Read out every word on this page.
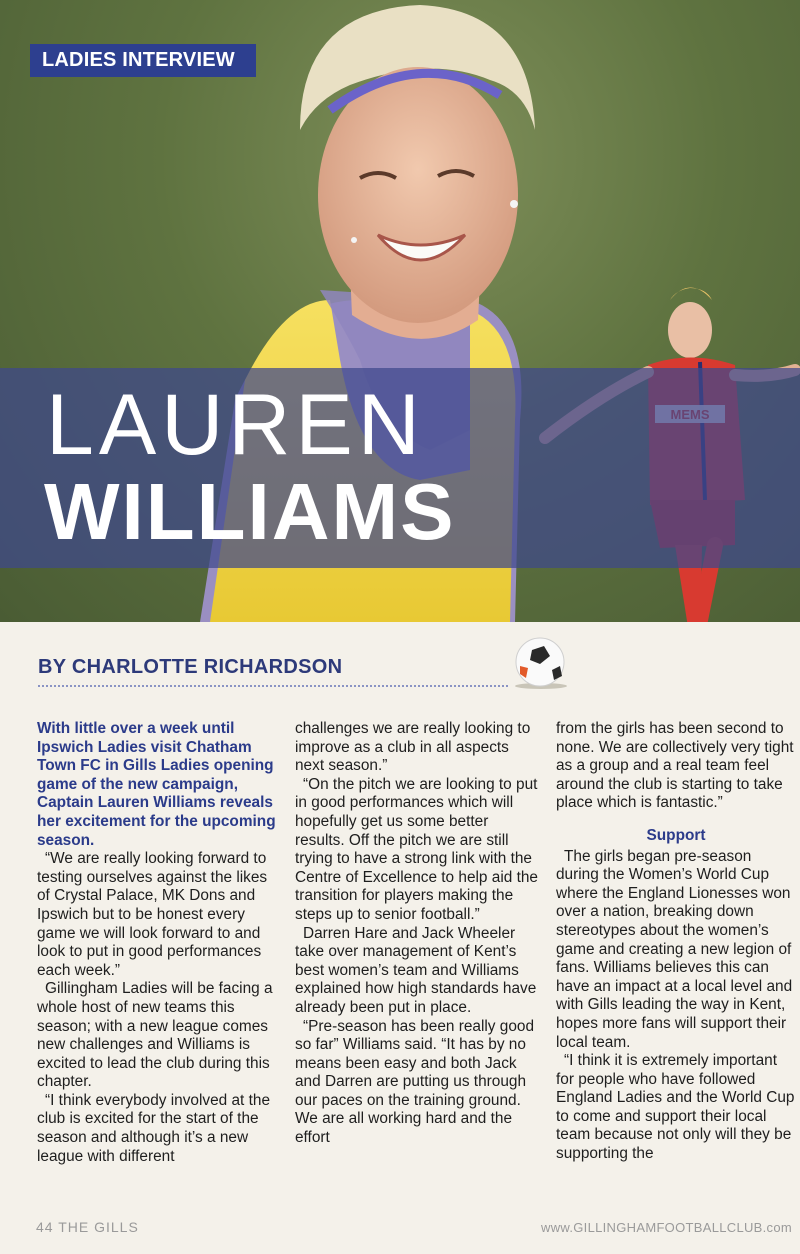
LADIES INTERVIEW
LAUREN
WILLIAMS
BY CHARLOTTE RICHARDSON

With little over a week until Ipswich Ladies visit Chatham Town FC in Gills Ladies opening game of the new campaign, Captain Lauren Williams reveals her excitement for the upcoming season.

“We are really looking forward to testing ourselves against the likes of Crystal Palace, MK Dons and Ipswich but to be honest every game we will look forward to and look to put in good performances each week.”

Gillingham Ladies will be facing a whole host of new teams this season; with a new league comes new challenges and Williams is excited to lead the club during this chapter.

“I think everybody involved at the club is excited for the start of the season and although it’s a new league with different

challenges we are really looking to improve as a club in all aspects next season.”

“On the pitch we are looking to put in good performances which will hopefully get us some better results. Off the pitch we are still trying to have a strong link with the Centre of Excellence to help aid the transition for players making the steps up to senior football.”

Darren Hare and Jack Wheeler take over management of Kent’s best women’s team and Williams explained how high standards have already been put in place.

“Pre-season has been really good so far” Williams said. “It has by no means been easy and both Jack and Darren are putting us through our paces on the training ground. We are all working hard and the effort

from the girls has been second to none. We are collectively very tight as a group and a real team feel around the club is starting to take place which is fantastic.”

Support

The girls began pre-season during the Women’s World Cup where the England Lionesses won over a nation, breaking down stereotypes about the women’s game and creating a new legion of fans. Williams believes this can have an impact at a local level and with Gills leading the way in Kent, hopes more fans will support their local team.

“I think it is extremely important for people who have followed England Ladies and the World Cup to come and support their local team because not only will they be supporting the

44 THE GILLS	www.GILLINGHAMFOOTBALLCLUB.com
